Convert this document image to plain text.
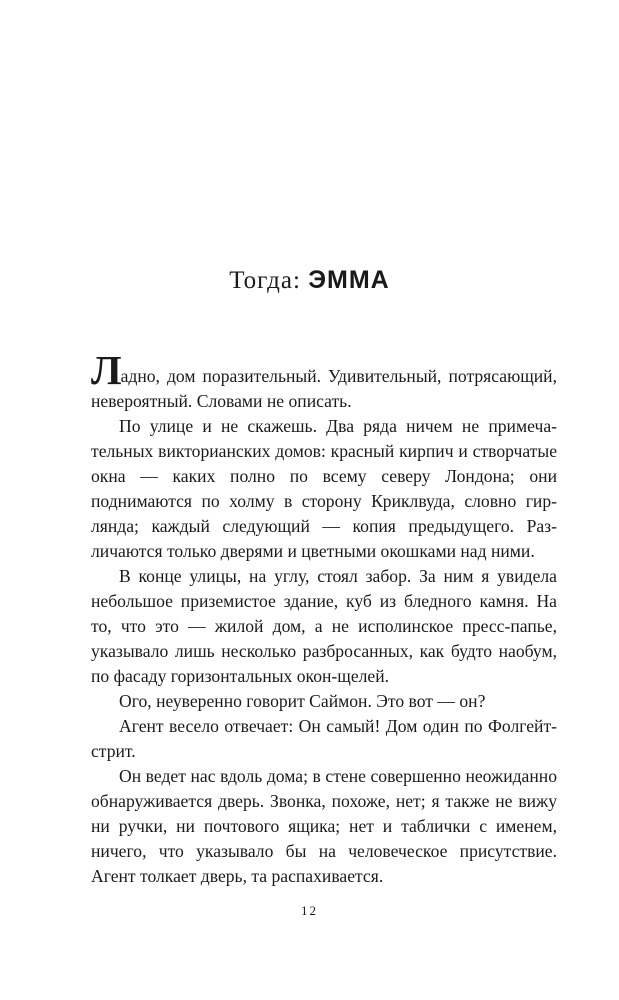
Тогда: ЭММА

Ладно, дом поразительный. Удивительный, потрясающий, невероятный. Словами не описать.

По улице и не скажешь. Два ряда ничем не примечательных викторианских домов: красный кирпич и створчатые окна — каких полно по всему северу Лондона; они поднимаются по холму в сторону Криклвуда, словно гирлянда; каждый следующий — копия предыдущего. Различаются только дверями и цветными окошками над ними.

В конце улицы, на углу, стоял забор. За ним я увидела небольшое приземистое здание, куб из бледного камня. На то, что это — жилой дом, а не исполинское пресс-папье, указывало лишь несколько разбросанных, как будто наобум, по фасаду горизонтальных окон-щелей.

Ого, неуверенно говорит Саймон. Это вот — он?

Агент весело отвечает: Он самый! Дом один по Фолгейт-стрит.

Он ведет нас вдоль дома; в стене совершенно неожиданно обнаруживается дверь. Звонка, похоже, нет; я также не вижу ни ручки, ни почтового ящика; нет и таблички с именем, ничего, что указывало бы на человеческое присутствие. Агент толкает дверь, та распахивается.

12
